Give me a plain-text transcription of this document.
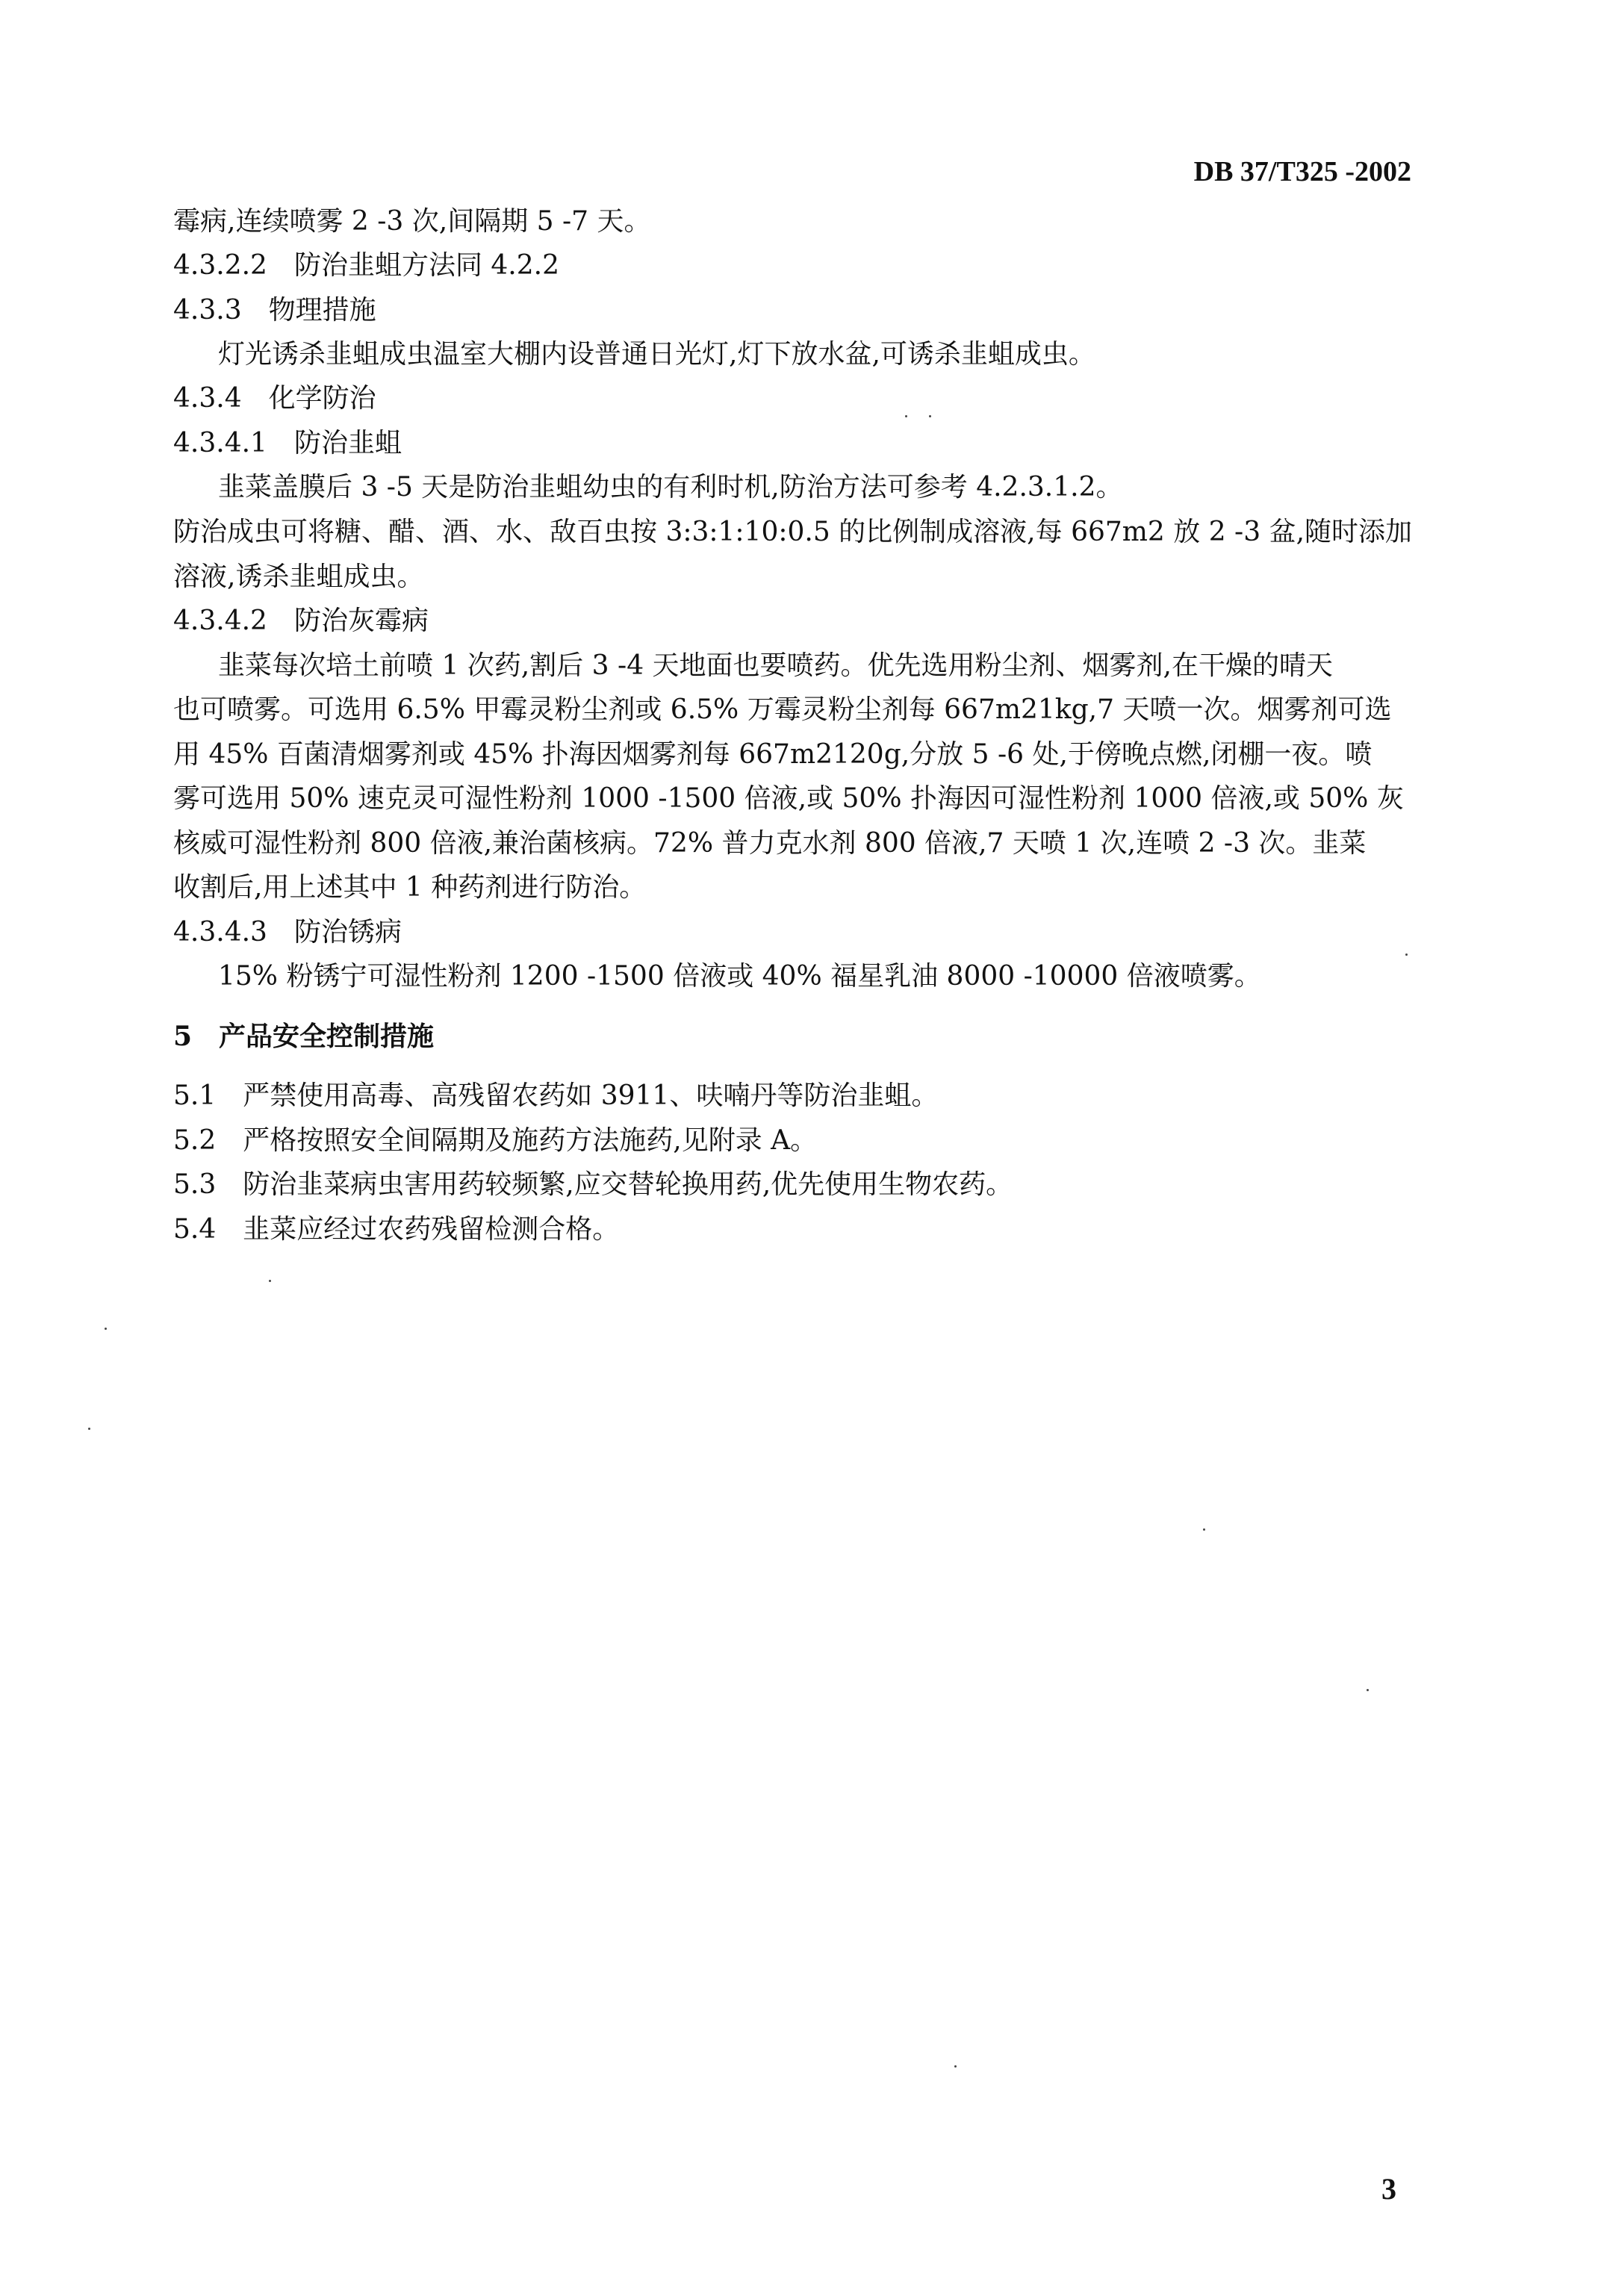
DB 37/T325 -2002
霉病,连续喷雾 2 -3 次,间隔期 5 -7 天。
4.3.2.2　防治韭蛆方法同 4.2.2
4.3.3　物理措施
灯光诱杀韭蛆成虫温室大棚内设普通日光灯,灯下放水盆,可诱杀韭蛆成虫。
4.3.4　化学防治
4.3.4.1　防治韭蛆
韭菜盖膜后 3 -5 天是防治韭蛆幼虫的有利时机,防治方法可参考 4.2.3.1.2。
防治成虫可将糖、醋、酒、水、敌百虫按 3:3:1:10:0.5 的比例制成溶液,每 667m2 放 2 -3 盆,随时添加
溶液,诱杀韭蛆成虫。
4.3.4.2　防治灰霉病
韭菜每次培土前喷 1 次药,割后 3 -4 天地面也要喷药。优先选用粉尘剂、烟雾剂,在干燥的晴天
也可喷雾。可选用 6.5% 甲霉灵粉尘剂或 6.5% 万霉灵粉尘剂每 667m21kg,7 天喷一次。烟雾剂可选
用 45% 百菌清烟雾剂或 45% 扑海因烟雾剂每 667m2120g,分放 5 -6 处,于傍晚点燃,闭棚一夜。喷
雾可选用 50% 速克灵可湿性粉剂 1000 -1500 倍液,或 50% 扑海因可湿性粉剂 1000 倍液,或 50% 灰
核威可湿性粉剂 800 倍液,兼治菌核病。72% 普力克水剂 800 倍液,7 天喷 1 次,连喷 2 -3 次。韭菜
收割后,用上述其中 1 种药剂进行防治。
4.3.4.3　防治锈病
15% 粉锈宁可湿性粉剂 1200 -1500 倍液或 40% 福星乳油 8000 -10000 倍液喷雾。
5　产品安全控制措施
5.1　严禁使用高毒、高残留农药如 3911、呋喃丹等防治韭蛆。
5.2　严格按照安全间隔期及施药方法施药,见附录 A。
5.3　防治韭菜病虫害用药较频繁,应交替轮换用药,优先使用生物农药。
5.4　韭菜应经过农药残留检测合格。
3
